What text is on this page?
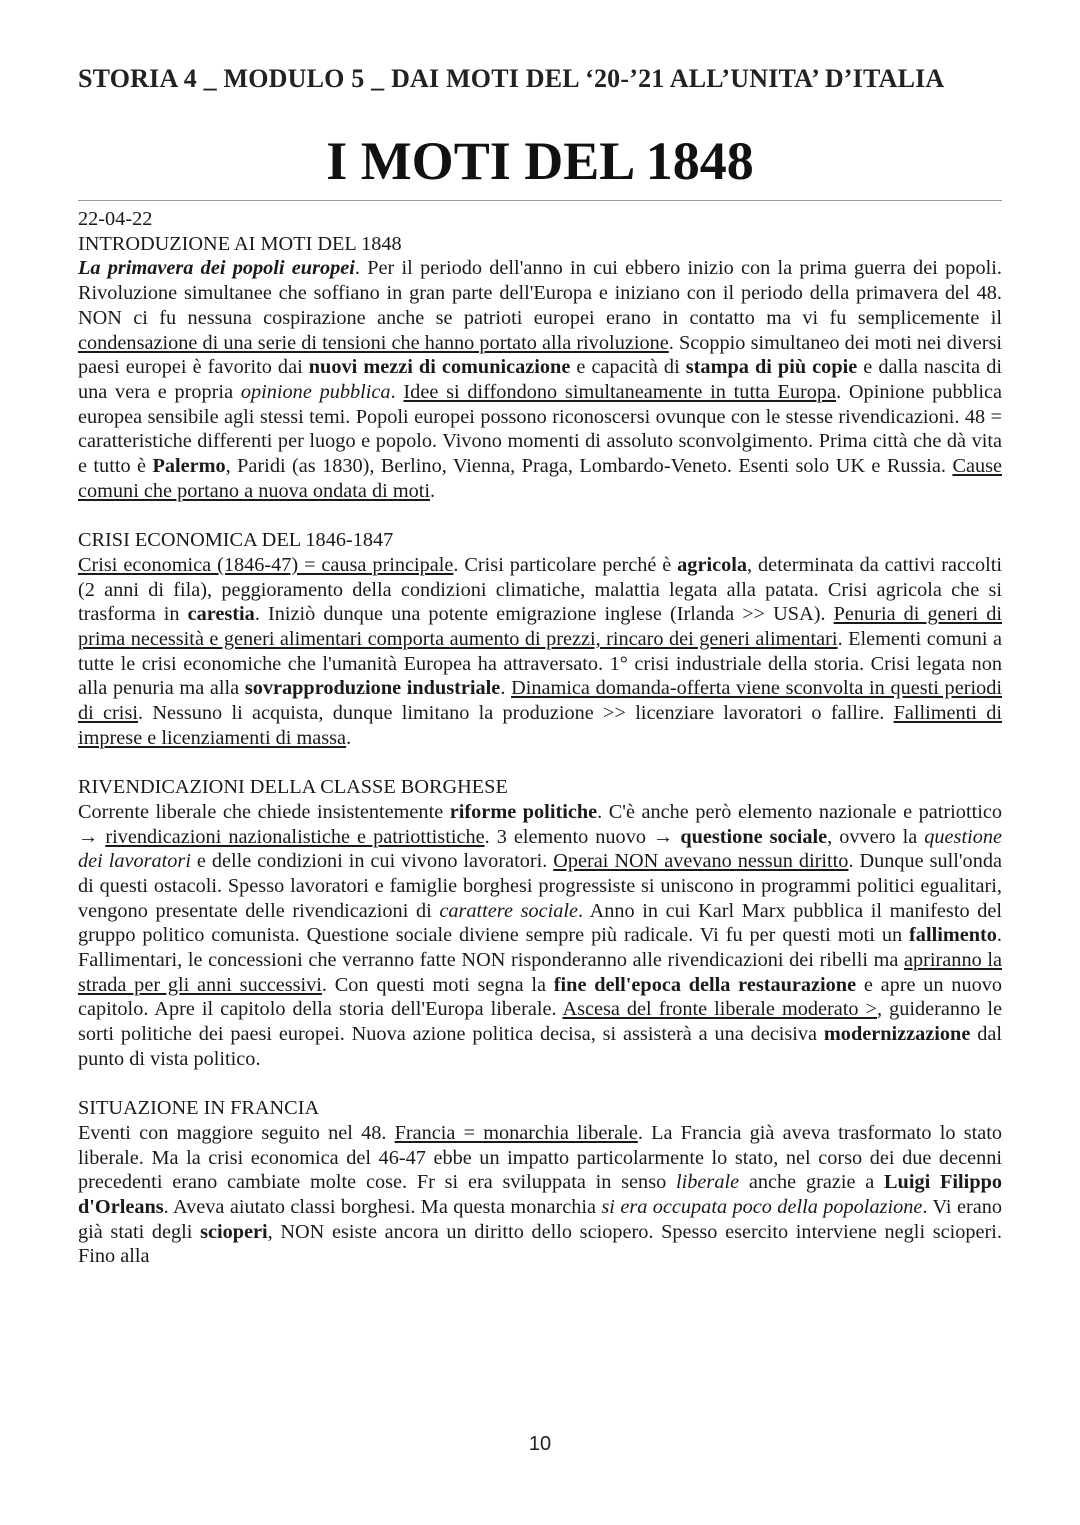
STORIA 4 _ MODULO 5 _ DAI MOTI DEL ‘20-’21 ALL’UNITA’ D’ITALIA
I MOTI DEL 1848

22-04-22

INTRODUZIONE AI MOTI DEL 1848

La primavera dei popoli europei. Per il periodo dell'anno in cui ebbero inizio con la prima guerra dei popoli. Rivoluzione simultanee che soffiano in gran parte dell'Europa e iniziano con il periodo della primavera del 48. NON ci fu nessuna cospirazione anche se patrioti europei erano in contatto ma vi fu semplicemente il condensazione di una serie di tensioni che hanno portato alla rivoluzione. Scoppio simultaneo dei moti nei diversi paesi europei è favorito dai nuovi mezzi di comunicazione e capacità di stampa di più copie e dalla nascita di una vera e propria opinione pubblica. Idee si diffondono simultaneamente in tutta Europa. Opinione pubblica europea sensibile agli stessi temi. Popoli europei possono riconoscersi ovunque con le stesse rivendicazioni. 48 = caratteristiche differenti per luogo e popolo. Vivono momenti di assoluto sconvolgimento. Prima città che dà vita e tutto è Palermo, Paridi (as 1830), Berlino, Vienna, Praga, Lombardo-Veneto. Esenti solo UK e Russia. Cause comuni che portano a nuova ondata di moti.

CRISI ECONOMICA DEL 1846-1847

Crisi economica (1846-47) = causa principale. Crisi particolare perché è agricola, determinata da cattivi raccolti (2 anni di fila), peggioramento della condizioni climatiche, malattia legata alla patata. Crisi agricola che si trasforma in carestia. Iniziò dunque una potente emigrazione inglese (Irlanda >> USA). Penuria di generi di prima necessità e generi alimentari comporta aumento di prezzi, rincaro dei generi alimentari. Elementi comuni a tutte le crisi economiche che l'umanità Europea ha attraversato. 1° crisi industriale della storia. Crisi legata non alla penuria ma alla sovrapproduzione industriale. Dinamica domanda-offerta viene sconvolta in questi periodi di crisi. Nessuno li acquista, dunque limitano la produzione >> licenziare lavoratori o fallire. Fallimenti di imprese e licenziamenti di massa.

RIVENDICAZIONI DELLA CLASSE BORGHESE

Corrente liberale che chiede insistentemente riforme politiche. C'è anche però elemento nazionale e patriottico → rivendicazioni nazionalistiche e patriottistiche. 3 elemento nuovo → questione sociale, ovvero la questione dei lavoratori e delle condizioni in cui vivono lavoratori. Operai NON avevano nessun diritto. Dunque sull'onda di questi ostacoli. Spesso lavoratori e famiglie borghesi progressiste si uniscono in programmi politici egualitari, vengono presentate delle rivendicazioni di carattere sociale. Anno in cui Karl Marx pubblica il manifesto del gruppo politico comunista. Questione sociale diviene sempre più radicale. Vi fu per questi moti un fallimento. Fallimentari, le concessioni che verranno fatte NON risponderanno alle rivendicazioni dei ribelli ma apriranno la strada per gli anni successivi. Con questi moti segna la fine dell'epoca della restaurazione e apre un nuovo capitolo. Apre il capitolo della storia dell'Europa liberale. Ascesa del fronte liberale moderato >, guideranno le sorti politiche dei paesi europei. Nuova azione politica decisa, si assisterà a una decisiva modernizzazione dal punto di vista politico.

SITUAZIONE IN FRANCIA

Eventi con maggiore seguito nel 48. Francia = monarchia liberale. La Francia già aveva trasformato lo stato liberale. Ma la crisi economica del 46-47 ebbe un impatto particolarmente lo stato, nel corso dei due decenni precedenti erano cambiate molte cose. Fr si era sviluppata in senso liberale anche grazie a Luigi Filippo d'Orleans. Aveva aiutato classi borghesi. Ma questa monarchia si era occupata poco della popolazione. Vi erano già stati degli scioperi, NON esiste ancora un diritto dello sciopero. Spesso esercito interviene negli scioperi. Fino alla

10
